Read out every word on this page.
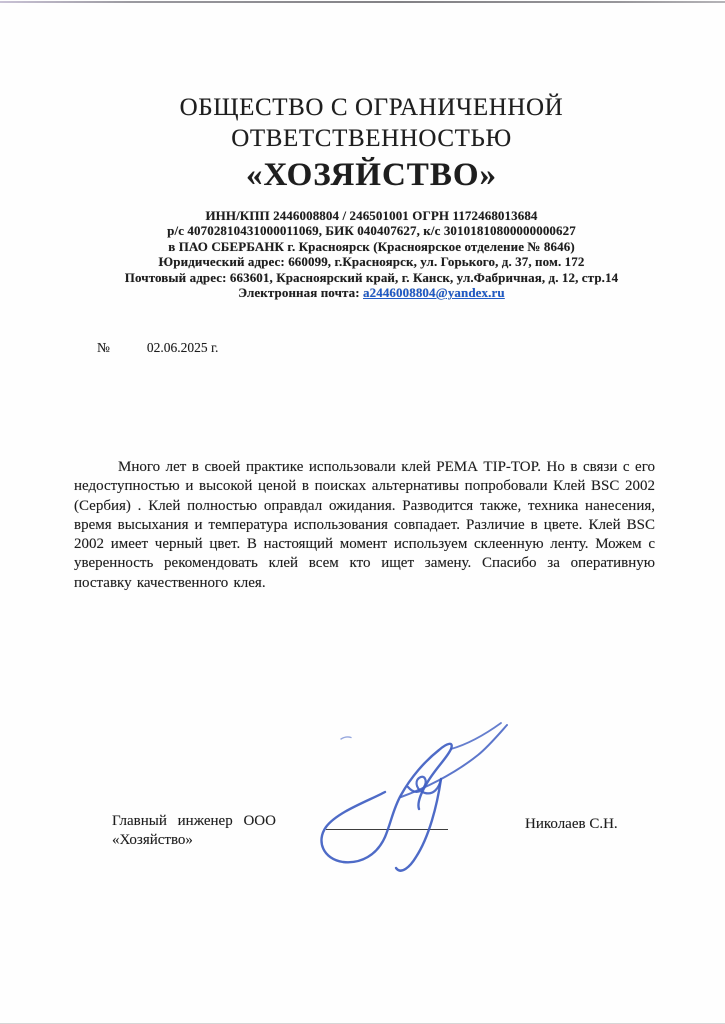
ОБЩЕСТВО С ОГРАНИЧЕННОЙ
ОТВЕТСТВЕННОСТЬЮ
«ХОЗЯЙСТВО»
ИНН/КПП 2446008804 / 246501001 ОГРН 1172468013684
р/с 40702810431000011069, БИК 040407627, к/с 30101810800000000627
в ПАО СБЕРБАНК г. Красноярск (Красноярское отделение № 8646)
Юридический адрес: 660099, г.Красноярск, ул. Горького, д. 37, пом. 172
Почтовый адрес: 663601, Красноярский край, г. Канск, ул.Фабричная, д. 12, стр.14
Электронная почта: a2446008804@yandex.ru
№	02.06.2025 г.
Много лет в своей практике использовали клей РЕМА TIP-TOP. Но в связи с его недоступностью и высокой ценой в поисках альтернативы попробовали Клей BSC 2002 (Сербия) . Клей полностью оправдал ожидания. Разводится также, техника нанесения, время высыхания и температура использования совпадает. Различие в цвете. Клей BSC 2002 имеет черный цвет. В настоящий момент используем склеенную ленту. Можем с уверенность рекомендовать клей всем кто ищет замену. Спасибо за оперативную поставку качественного клея.
Главный инженер ООО
«Хозяйство»
Николаев С.Н.
